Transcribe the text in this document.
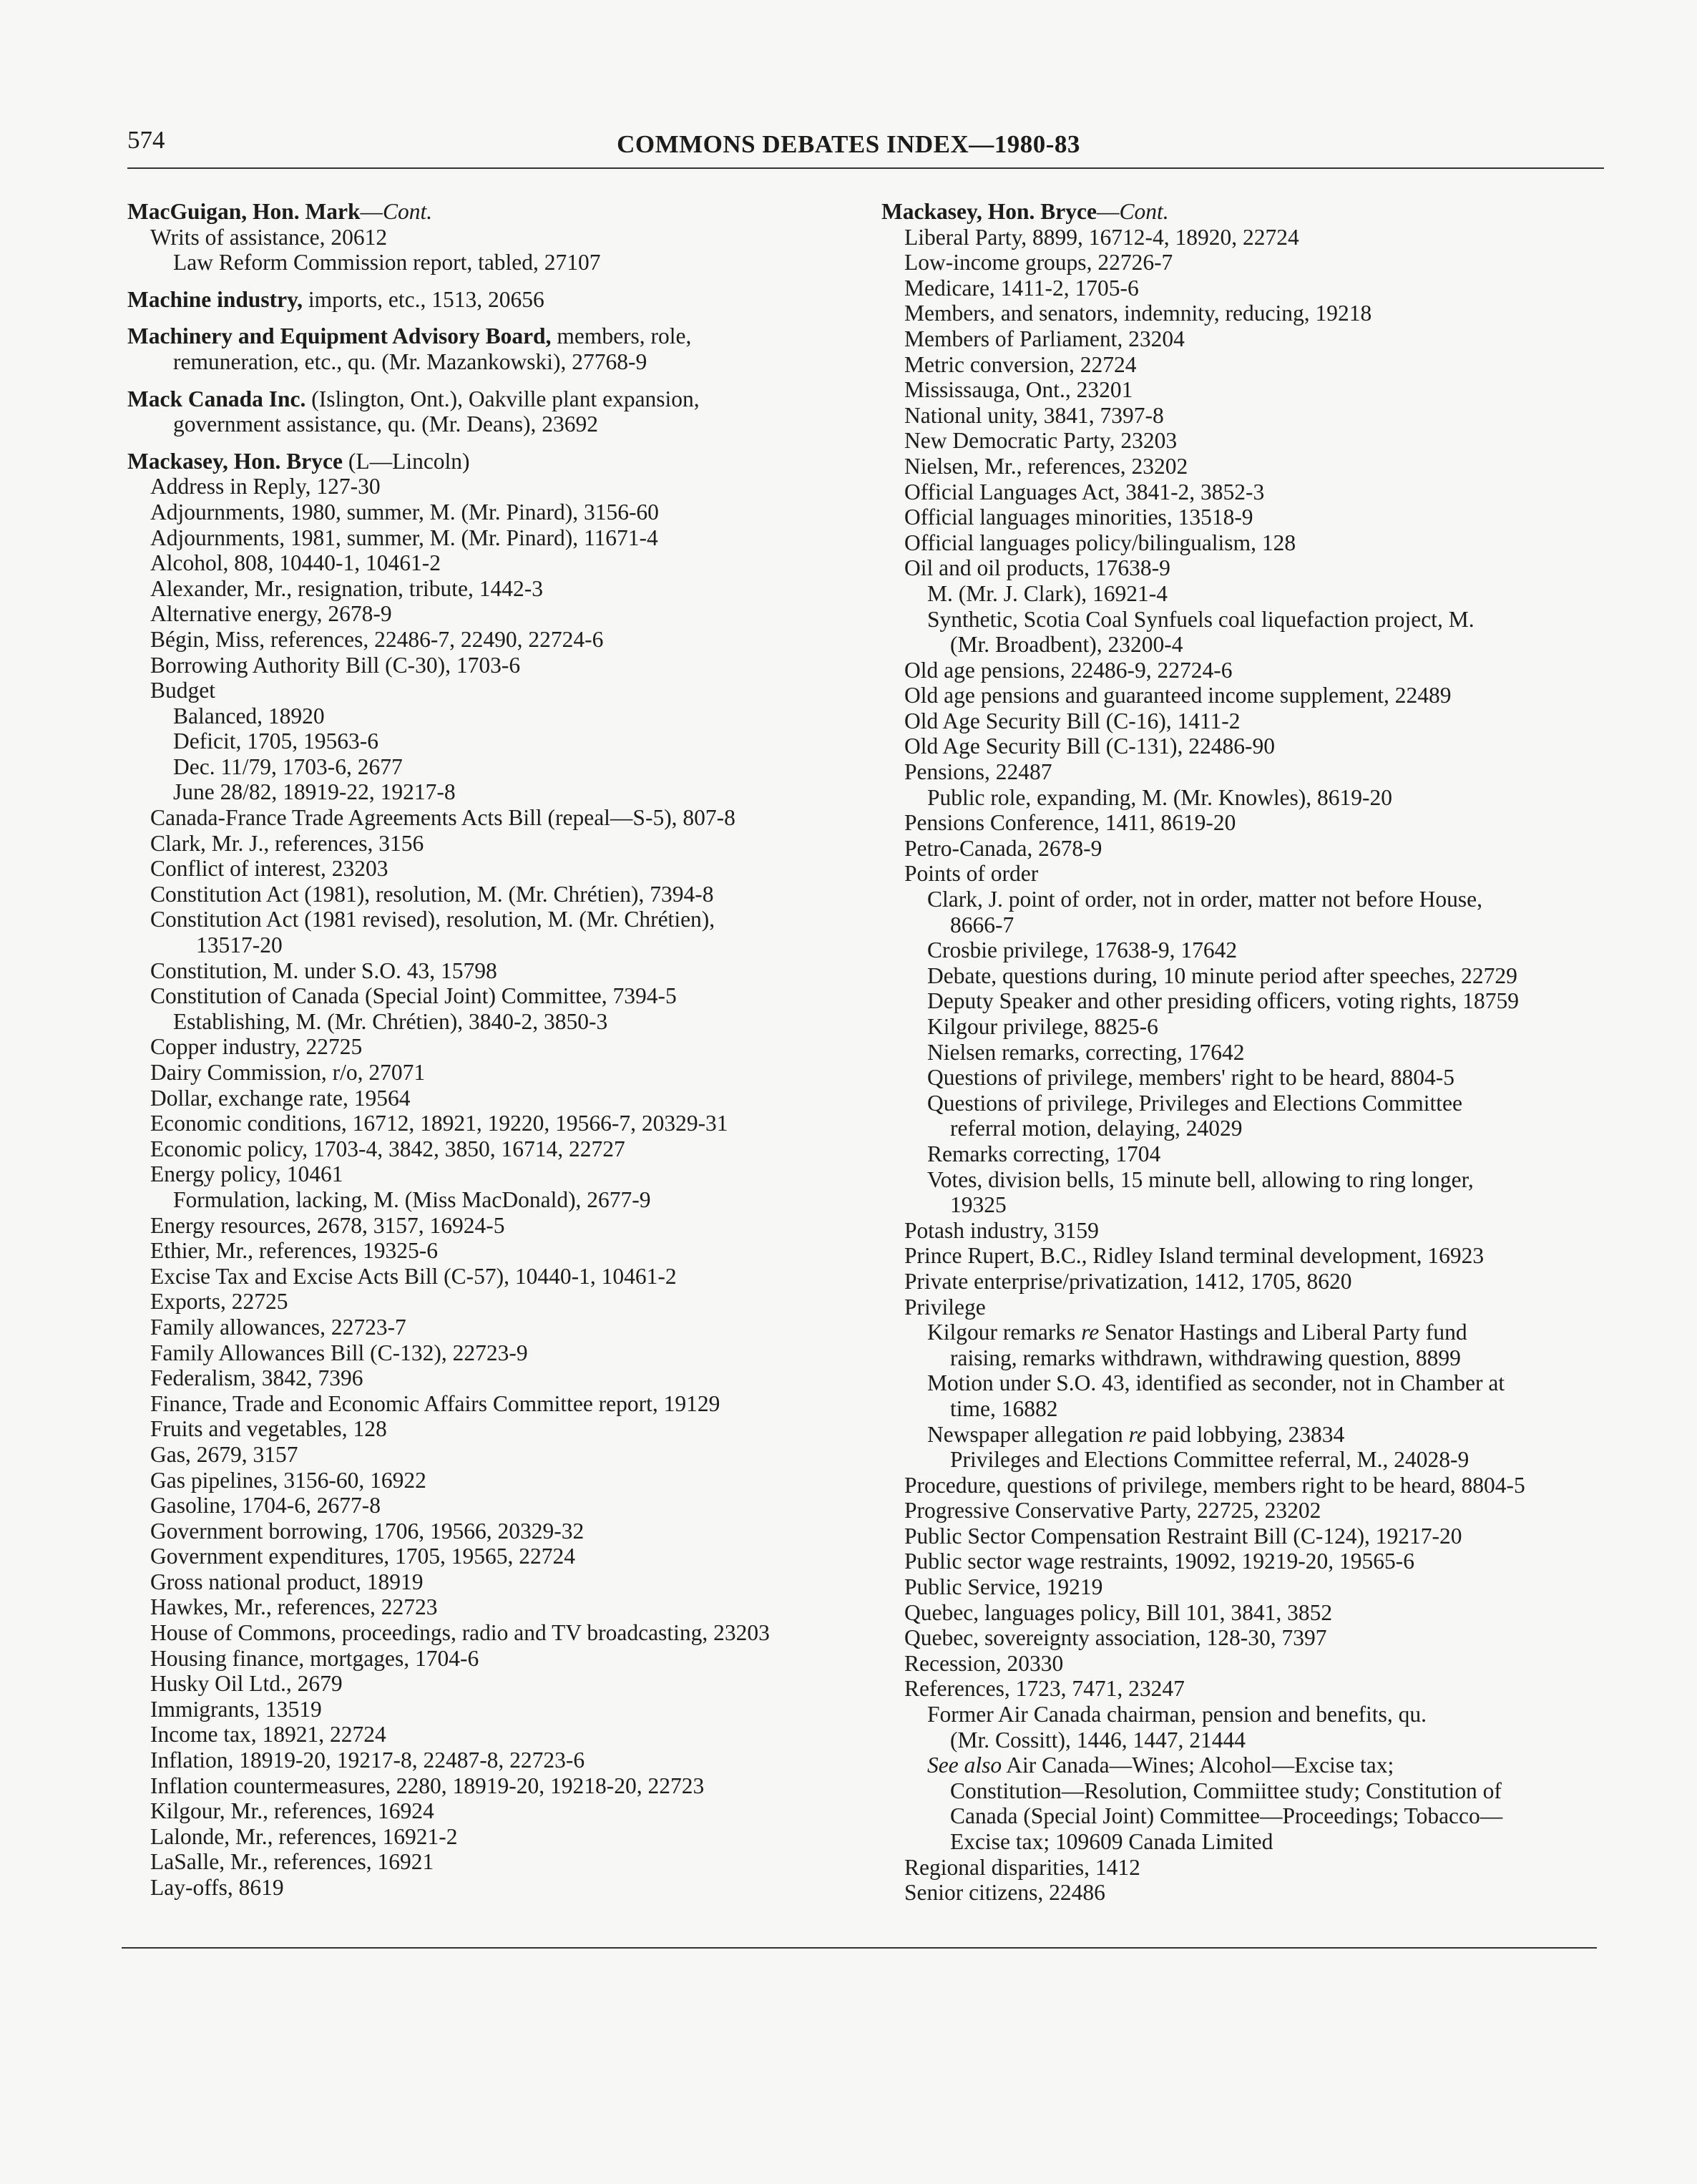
574	COMMONS DEBATES INDEX—1980-83
MacGuigan, Hon. Mark—Cont.
Writs of assistance, 20612
Law Reform Commission report, tabled, 27107
Machine industry, imports, etc., 1513, 20656
Machinery and Equipment Advisory Board, members, role,
remuneration, etc., qu. (Mr. Mazankowski), 27768-9
Mack Canada Inc. (Islington, Ont.), Oakville plant expansion,
government assistance, qu. (Mr. Deans), 23692
Mackasey, Hon. Bryce (L—Lincoln)
Address in Reply, 127-30
Adjournments, 1980, summer, M. (Mr. Pinard), 3156-60
Adjournments, 1981, summer, M. (Mr. Pinard), 11671-4
Alcohol, 808, 10440-1, 10461-2
Alexander, Mr., resignation, tribute, 1442-3
Alternative energy, 2678-9
Bégin, Miss, references, 22486-7, 22490, 22724-6
Borrowing Authority Bill (C-30), 1703-6
Budget
Balanced, 18920
Deficit, 1705, 19563-6
Dec. 11/79, 1703-6, 2677
June 28/82, 18919-22, 19217-8
Canada-France Trade Agreements Acts Bill (repeal—S-5), 807-8
Clark, Mr. J., references, 3156
Conflict of interest, 23203
Constitution Act (1981), resolution, M. (Mr. Chrétien), 7394-8
Constitution Act (1981 revised), resolution, M. (Mr. Chrétien),
13517-20
Constitution, M. under S.O. 43, 15798
Constitution of Canada (Special Joint) Committee, 7394-5
Establishing, M. (Mr. Chrétien), 3840-2, 3850-3
Copper industry, 22725
Dairy Commission, r/o, 27071
Dollar, exchange rate, 19564
Economic conditions, 16712, 18921, 19220, 19566-7, 20329-31
Economic policy, 1703-4, 3842, 3850, 16714, 22727
Energy policy, 10461
Formulation, lacking, M. (Miss MacDonald), 2677-9
Energy resources, 2678, 3157, 16924-5
Ethier, Mr., references, 19325-6
Excise Tax and Excise Acts Bill (C-57), 10440-1, 10461-2
Exports, 22725
Family allowances, 22723-7
Family Allowances Bill (C-132), 22723-9
Federalism, 3842, 7396
Finance, Trade and Economic Affairs Committee report, 19129
Fruits and vegetables, 128
Gas, 2679, 3157
Gas pipelines, 3156-60, 16922
Gasoline, 1704-6, 2677-8
Government borrowing, 1706, 19566, 20329-32
Government expenditures, 1705, 19565, 22724
Gross national product, 18919
Hawkes, Mr., references, 22723
House of Commons, proceedings, radio and TV broadcasting, 23203
Housing finance, mortgages, 1704-6
Husky Oil Ltd., 2679
Immigrants, 13519
Income tax, 18921, 22724
Inflation, 18919-20, 19217-8, 22487-8, 22723-6
Inflation countermeasures, 2280, 18919-20, 19218-20, 22723
Kilgour, Mr., references, 16924
Lalonde, Mr., references, 16921-2
LaSalle, Mr., references, 16921
Lay-offs, 8619
Mackasey, Hon. Bryce—Cont.
Liberal Party, 8899, 16712-4, 18920, 22724
Low-income groups, 22726-7
Medicare, 1411-2, 1705-6
Members, and senators, indemnity, reducing, 19218
Members of Parliament, 23204
Metric conversion, 22724
Mississauga, Ont., 23201
National unity, 3841, 7397-8
New Democratic Party, 23203
Nielsen, Mr., references, 23202
Official Languages Act, 3841-2, 3852-3
Official languages minorities, 13518-9
Official languages policy/bilingualism, 128
Oil and oil products, 17638-9
M. (Mr. J. Clark), 16921-4
Synthetic, Scotia Coal Synfuels coal liquefaction project, M.
(Mr. Broadbent), 23200-4
Old age pensions, 22486-9, 22724-6
Old age pensions and guaranteed income supplement, 22489
Old Age Security Bill (C-16), 1411-2
Old Age Security Bill (C-131), 22486-90
Pensions, 22487
Public role, expanding, M. (Mr. Knowles), 8619-20
Pensions Conference, 1411, 8619-20
Petro-Canada, 2678-9
Points of order
Clark, J. point of order, not in order, matter not before House,
8666-7
Crosbie privilege, 17638-9, 17642
Debate, questions during, 10 minute period after speeches, 22729
Deputy Speaker and other presiding officers, voting rights, 18759
Kilgour privilege, 8825-6
Nielsen remarks, correcting, 17642
Questions of privilege, members' right to be heard, 8804-5
Questions of privilege, Privileges and Elections Committee
referral motion, delaying, 24029
Remarks correcting, 1704
Votes, division bells, 15 minute bell, allowing to ring longer,
19325
Potash industry, 3159
Prince Rupert, B.C., Ridley Island terminal development, 16923
Private enterprise/privatization, 1412, 1705, 8620
Privilege
Kilgour remarks re Senator Hastings and Liberal Party fund
raising, remarks withdrawn, withdrawing question, 8899
Motion under S.O. 43, identified as seconder, not in Chamber at
time, 16882
Newspaper allegation re paid lobbying, 23834
Privileges and Elections Committee referral, M., 24028-9
Procedure, questions of privilege, members right to be heard, 8804-5
Progressive Conservative Party, 22725, 23202
Public Sector Compensation Restraint Bill (C-124), 19217-20
Public sector wage restraints, 19092, 19219-20, 19565-6
Public Service, 19219
Quebec, languages policy, Bill 101, 3841, 3852
Quebec, sovereignty association, 128-30, 7397
Recession, 20330
References, 1723, 7471, 23247
Former Air Canada chairman, pension and benefits, qu.
(Mr. Cossitt), 1446, 1447, 21444
See also Air Canada—Wines; Alcohol—Excise tax;
Constitution—Resolution, Commiittee study; Constitution of
Canada (Special Joint) Committee—Proceedings; Tobacco—
Excise tax; 109609 Canada Limited
Regional disparities, 1412
Senior citizens, 22486
